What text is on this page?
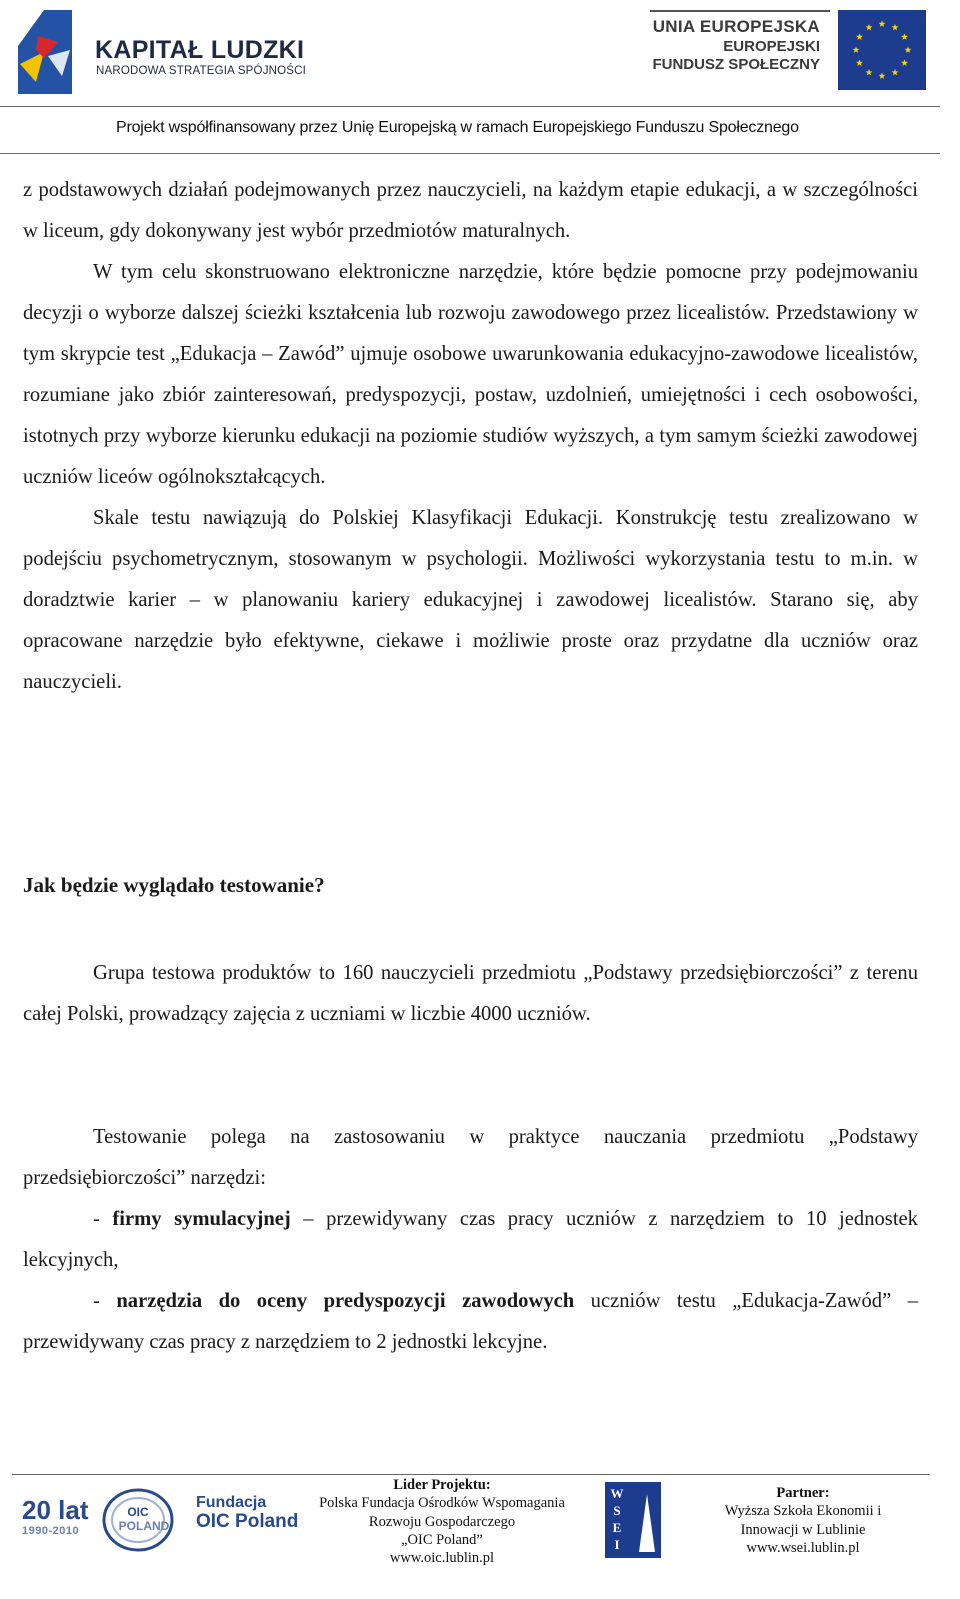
KAPITAŁ LUDZKI
NARODOWA STRATEGIA SPÓJNOŚCI
UNIA EUROPEJSKA
EUROPEJSKI
FUNDUSZ SPOŁECZNY
Projekt współfinansowany przez Unię Europejską w ramach Europejskiego Funduszu Społecznego

z podstawowych działań podejmowanych przez nauczycieli, na każdym etapie edukacji, a w szczególności w liceum, gdy dokonywany jest wybór przedmiotów maturalnych.

W tym celu skonstruowano elektroniczne narzędzie, które będzie pomocne przy podejmowaniu decyzji o wyborze dalszej ścieżki kształcenia lub rozwoju zawodowego przez licealistów. Przedstawiony w tym skrypcie test „Edukacja – Zawód” ujmuje osobowe uwarunkowania edukacyjno-zawodowe licealistów, rozumiane jako zbiór zainteresowań, predyspozycji, postaw, uzdolnień, umiejętności i cech osobowości, istotnych przy wyborze kierunku edukacji na poziomie studiów wyższych, a tym samym ścieżki zawodowej uczniów liceów ogólnokształcących.

Skale testu nawiązują do Polskiej Klasyfikacji Edukacji. Konstrukcję testu zrealizowano w podejściu psychometrycznym, stosowanym w psychologii. Możliwości wykorzystania testu to m.in. w doradztwie karier – w planowaniu kariery edukacyjnej i zawodowej licealistów. Starano się, aby opracowane narzędzie było efektywne, ciekawe i możliwie proste oraz przydatne dla uczniów oraz nauczycieli.

Jak będzie wyglądało testowanie?

Grupa testowa produktów to 160 nauczycieli przedmiotu „Podstawy przedsiębiorczości” z terenu całej Polski, prowadzący zajęcia z uczniami w liczbie 4000 uczniów.

Testowanie polega na zastosowaniu w praktyce nauczania przedmiotu „Podstawy przedsiębiorczości” narzędzi:

- firmy symulacyjnej – przewidywany czas pracy uczniów z narzędziem to 10 jednostek lekcyjnych,

- narzędzia do oceny predyspozycji zawodowych uczniów testu „Edukacja-Zawód” – przewidywany czas pracy z narzędziem to 2 jednostki lekcyjne.

20 lat
1990-2010
OIC
POLAND
Fundacja
OIC Poland
Lider Projektu:
Polska Fundacja Ośrodków Wspomagania
Rozwoju Gospodarczego
„OIC Poland”
www.oic.lublin.pl
W
S
E
I
Partner:
Wyższa Szkoła Ekonomii i
Innowacji w Lublinie
www.wsei.lublin.pl
